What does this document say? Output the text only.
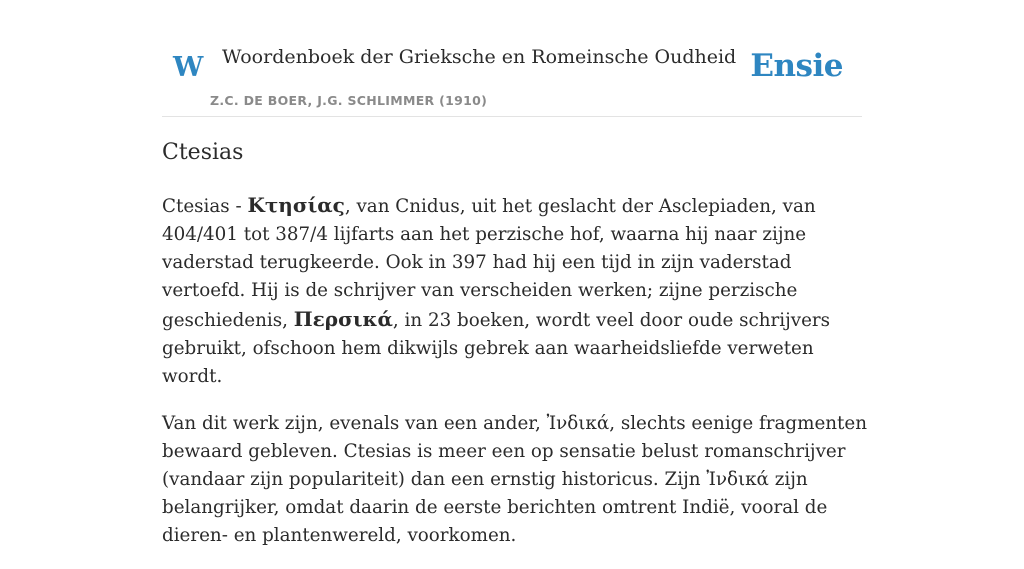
W Woordenboek der Grieksche en Romeinsche Oudheid
Z.C. DE BOER, J.G. SCHLIMMER (1910)
Ensie
Ctesias

Ctesias - Κτησίας, van Cnidus, uit het geslacht der Asclepiaden, van 404/401 tot 387/4 lijfarts aan het perzische hof, waarna hij naar zijne vaderstad terugkeerde. Ook in 397 had hij een tijd in zijn vaderstad vertoefd. Hij is de schrijver van verscheiden werken; zijne perzische geschiedenis, Περσικά, in 23 boeken, wordt veel door oude schrijvers gebruikt, ofschoon hem dikwijls gebrek aan waarheidsliefde verweten wordt.

Van dit werk zijn, evenals van een ander, Ἰνδικά, slechts eenige fragmenten bewaard gebleven. Ctesias is meer een op sensatie belust romanschrijver (vandaar zijn populariteit) dan een ernstig historicus. Zijn Ἰνδικά zijn belangrijker, omdat daarin de eerste berichten omtrent Indië, vooral de dieren- en plantenwereld, voorkomen.
